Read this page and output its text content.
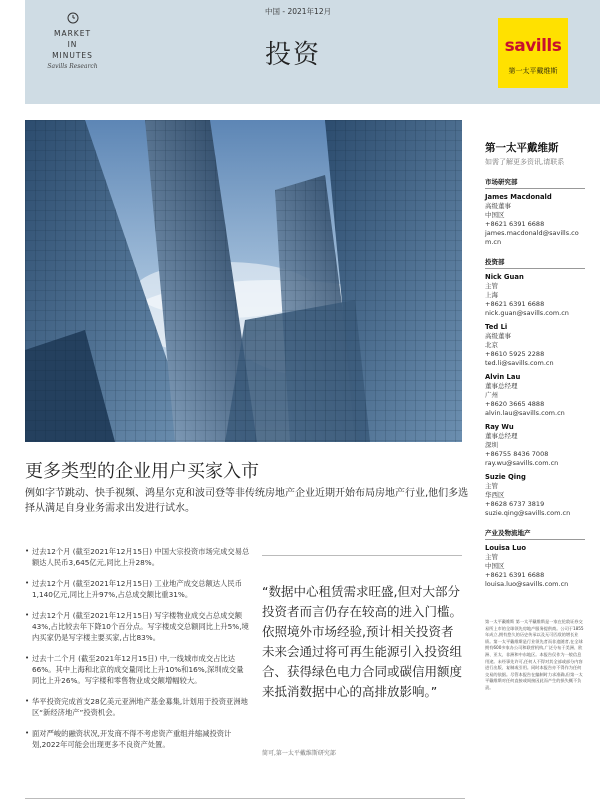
MARKET
IN
MINUTES
Savills Research
中国 - 2021年12月
投资	savills
第一太平戴维斯
第一太平戴维斯
如需了解更多资讯,请联系
市场研究部
James Macdonald
高级董事
中国区
+8621 6391 6688
james.macdonald@savills.com.cn
投资部
Nick Guan
主管
上海
+8621 6391 6688
nick.guan@savills.com.cn
Ted Li
高级董事
北京
+8610 5925 2288
ted.li@savills.com.cn
Alvin Lau
董事总经理
广州
+8620 3665 4888
alvin.lau@savills.com.cn
Ray Wu
董事总经理
深圳
+86755 8436 7008
ray.wu@savills.com.cn
Suzie Qing
主管
华西区
+8628 6737 3819
suzie.qing@savills.com.cn
产业及物流地产
Louisa Luo
主管
中国区
+8621 6391 6688
louisa.luo@savills.com.cn
第一太平戴维斯 第一太平戴维斯是一家在伦敦证券交易所上市的全球领先房地产服务提供商。公司于1855年成立,拥有悠久的历史传承以及无可匹敌的增长业绩。第一太平戴维斯是行业领先者而非追随者,在全球拥有600多家办公司和联营机构,广泛分布于美洲、欧洲、亚太、非洲和中东地区。本报告仅作为一般信息用途。未经事先许可,任何人不得对其全部或部分内容进行出版、复制或引用。同时本报告亦不得作为任何交易的依据。尽管本报告在编制时力求准确,但第一太平戴维斯对任何直接或间接因此而产生的损失概不负责。
更多类型的企业用户买家入市

例如字节跳动、快手视频、鸿星尔克和波司登等非传统房地产企业近期开始布局房地产行业,他们多选择从满足自身业务需求出发进行试水。

• 过去12个月 (截至2021年12月15日) 中国大宗投资市场完成交易总额达人民币3,645亿元,同比上升28%。
• 过去12个月 (截至2021年12月15日) 工业地产成交总额达人民币1,140亿元,同比上升97%,占总成交额比重31%。
• 过去12个月 (截至2021年12月15日) 写字楼物业成交占总成交额43%,占比较去年下降10个百分点。写字楼成交总额同比上升5%,境内买家仍是写字楼主要买家,占比83%。
• 过去十二个月 (截至2021年12月15日) 中,一线城市成交占比达66%。其中上海和北京的成交量同比上升10%和16%,深圳成交量同比上升26%。写字楼和零售物业成交额增幅较大。
• 华平投资完成首支28亿美元亚洲地产基金募集,计划用于投资亚洲地区“新经济地产”投资机会。
• 面对严峻的融资状况,开发商不得不考虑资产重组并缩减投资计划,2022年可能会出现更多不良资产处置。
“数据中心租赁需求旺盛,但对大部分投资者而言仍存在较高的进入门槛。依照境外市场经验,预计相关投资者未来会通过将可再生能源引入投资组合、获得绿色电力合同或碳信用额度来抵消数据中心的高排放影响。”
简可,第一太平戴维斯研究部
